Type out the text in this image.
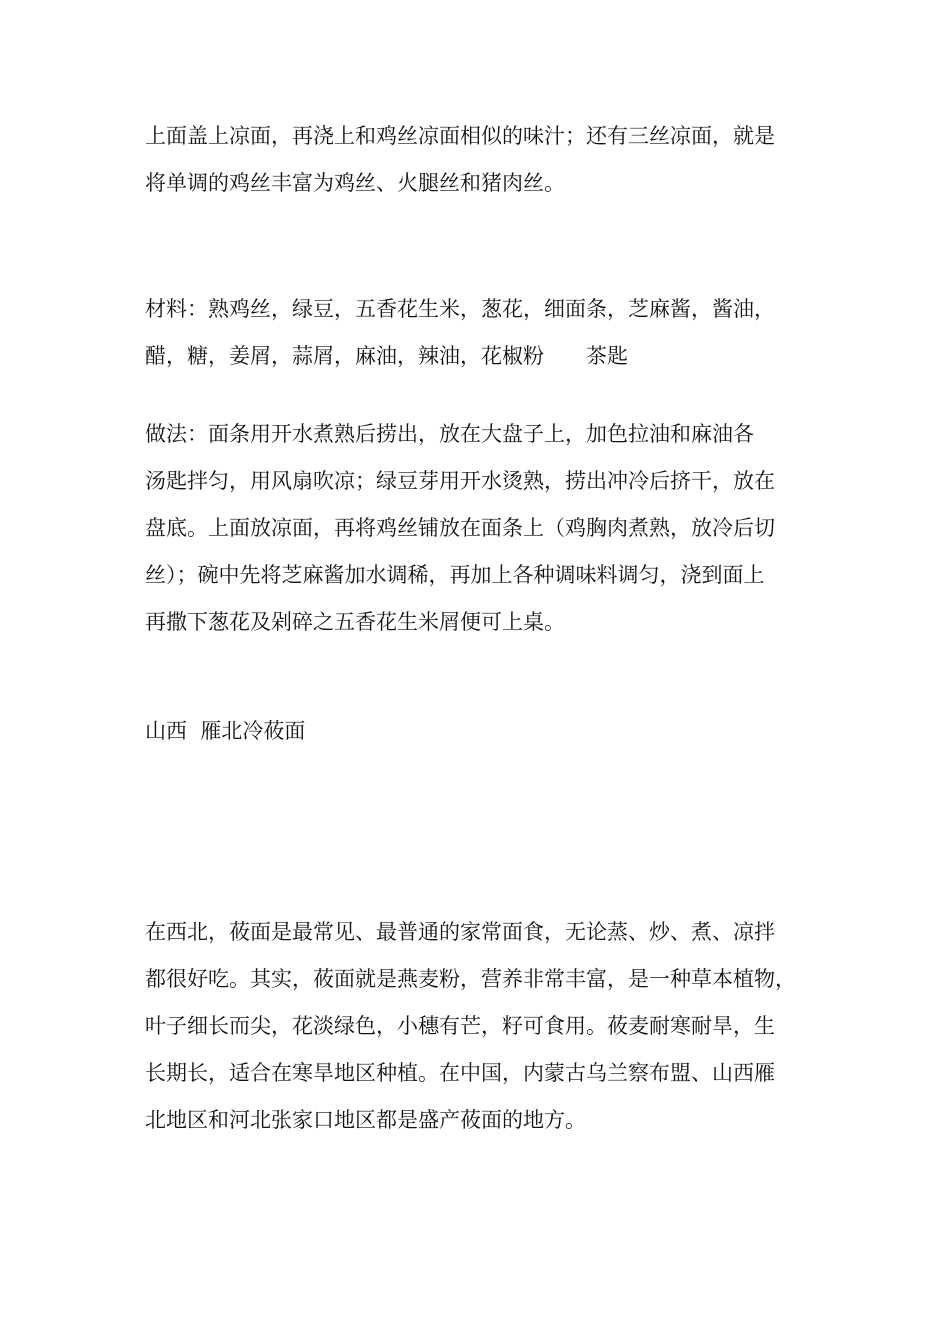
上面盖上凉面，再浇上和鸡丝凉面相似的味汁；还有三丝凉面，就是
将单调的鸡丝丰富为鸡丝、火腿丝和猪肉丝。

材料：熟鸡丝，绿豆，五香花生米，葱花，细面条，芝麻酱，酱油，
醋，糖，姜屑，蒜屑，麻油，辣油，花椒粉　　茶匙

做法：面条用开水煮熟后捞出，放在大盘子上，加色拉油和麻油各
汤匙拌匀，用风扇吹凉；绿豆芽用开水烫熟，捞出冲冷后挤干，放在
盘底。上面放凉面，再将鸡丝铺放在面条上（鸡胸肉煮熟，放冷后切
丝）；碗中先将芝麻酱加水调稀，再加上各种调味料调匀，浇到面上
再撒下葱花及剁碎之五香花生米屑便可上桌。

山西  雁北冷莜面

在西北，莜面是最常见、最普通的家常面食，无论蒸、炒、煮、凉拌
都很好吃。其实，莜面就是燕麦粉，营养非常丰富，是一种草本植物，
叶子细长而尖，花淡绿色，小穗有芒，籽可食用。莜麦耐寒耐旱，生
长期长，适合在寒旱地区种植。在中国，内蒙古乌兰察布盟、山西雁
北地区和河北张家口地区都是盛产莜面的地方。
